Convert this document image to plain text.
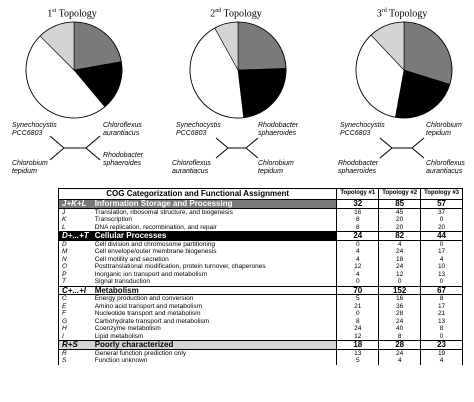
1st Topology
Synechocystis
PCC6803
Chloroflexus
aurantiacus
Chlorobium
tepidum
Rhodobacter
sphaeroides
2nd Topology
Synechocystis
PCC6803
Rhodobacter
sphaeroides
Chloroflexus
aurantiacus
Chlorobium
tepidum
3rd Topology
Synechocystis
PCC6803
Chlorobium
tepidum
Rhodobacter
sphaeroides
Chloroflexus
aurantiacus
COG Categorization and Functional Assignment		Topology #1	Topology #2	Topology #3
J+K+L	Information Storage and Processing	32	85	57
J	Translation, ribosomal structure, and biogenesis	16	45	37
K	Transcription	8	20	0
L	DNA replication, recombination, and repair	8	20	20
D+...+T	Cellular Processes	24	82	44
D	Cell division and chromosome partitioning	0	4	0
M	Cell envelope/outer membrane biogenesis	4	24	17
N	Cell motility and secretion	4	18	4
O	Posttranslational modification, protein turnover, chaperones	12	24	10
P	Inorganic ion transport and metabolism	4	12	13
T	Signal transduction	0	0	0
C+...+I	Metabolism	70	152	67
C	Energy production and conversion	5	16	8
E	Amino acid transport and metabolism	21	36	17
F	Nucleotide transport and metabolism	0	28	21
G	Carbohydrate transport and metabolism	8	24	13
H	Coenzyme metabolism	24	40	8
I	Lipid metabolism	12	8	0
R+S	Poorly characterized	18	28	23
R	General function prediction only	13	24	19
S	Function unknown	5	4	4
